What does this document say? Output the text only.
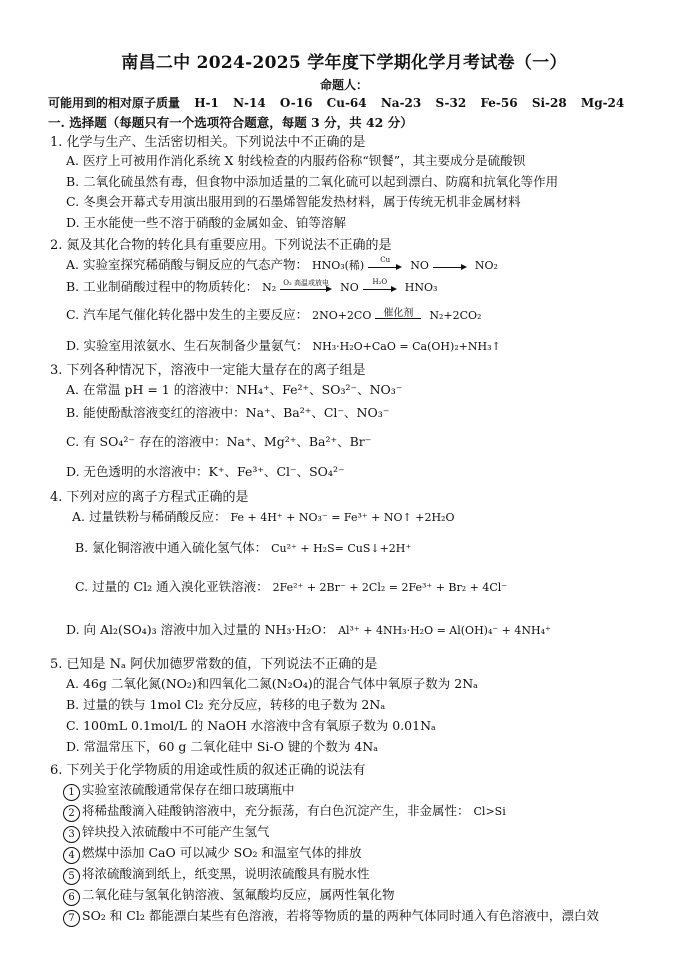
南昌二中 2024-2025 学年度下学期化学月考试卷（一）
命题人：
可能用到的相对原子质量 H-1 N-14 O-16 Cu-64 Na-23 S-32 Fe-56 Si-28 Mg-24
一. 选择题（每题只有一个选项符合题意，每题 3 分，共 42 分）
1. 化学与生产、生活密切相关。下列说法中不正确的是
A. 医疗上可被用作消化系统 X 射线检查的内服药俗称“钡餐”，其主要成分是硫酸钡
B. 二氧化硫虽然有毒，但食物中添加适量的二氧化硫可以起到漂白、防腐和抗氧化等作用
C. 冬奥会开幕式专用演出服用到的石墨烯智能发热材料，属于传统无机非金属材料
D. 王水能使一些不溶于硝酸的金属如金、铂等溶解
2. 氮及其化合物的转化具有重要应用。下列说法不正确的是
A. 实验室探究稀硝酸与铜反应的气态产物： HNO₃(稀)	Cu	NO	NO₂
B. 工业制硝酸过程中的物质转化： N₂	O₂ 高温或放电 NO	H₂O	HNO₃
C. 汽车尾气催化转化器中发生的主要反应： 2NO+2CO	催化剂	N₂+2CO₂
D. 实验室用浓氨水、生石灰制备少量氨气： NH₃·H₂O+CaO = Ca(OH)₂+NH₃↑
3. 下列各种情况下，溶液中一定能大量存在的离子组是
A. 在常温 pH = 1 的溶液中：NH₄⁺、Fe²⁺、SO₃²⁻、NO₃⁻
B. 能使酚酞溶液变红的溶液中：Na⁺、Ba²⁺、Cl⁻、NO₃⁻
C. 有 SO₄²⁻ 存在的溶液中：Na⁺、Mg²⁺、Ba²⁺、Br⁻
D. 无色透明的水溶液中：K⁺、Fe³⁺、Cl⁻、SO₄²⁻
4. 下列对应的离子方程式正确的是
A. 过量铁粉与稀硝酸反应： Fe + 4H⁺ + NO₃⁻ = Fe³⁺ + NO↑ +2H₂O
B. 氯化铜溶液中通入硫化氢气体： Cu²⁺ + H₂S= CuS↓+2H⁺
C. 过量的 Cl₂ 通入溴化亚铁溶液： 2Fe²⁺ + 2Br⁻ + 2Cl₂ = 2Fe³⁺ + Br₂ + 4Cl⁻
D. 向 Al₂(SO₄)₃ 溶液中加入过量的 NH₃·H₂O： Al³⁺ + 4NH₃·H₂O = Al(OH)₄⁻ + 4NH₄⁺
5. 已知是 Nₐ 阿伏加德罗常数的值，下列说法不正确的是
A. 46g 二氧化氮(NO₂)和四氧化二氮(N₂O₄)的混合气体中氧原子数为 2Nₐ
B. 过量的铁与 1mol Cl₂ 充分反应，转移的电子数为 2Nₐ
C. 100mL 0.1mol/L 的 NaOH 水溶液中含有氧原子数为 0.01Nₐ
D. 常温常压下，60 g 二氧化硅中 Si-O 键的个数为 4Nₐ
6. 下列关于化学物质的用途或性质的叙述正确的说法有
1 实验室浓硫酸通常保存在细口玻璃瓶中
2 将稀盐酸滴入硅酸钠溶液中，充分振荡，有白色沉淀产生，非金属性： Cl>Si
3 锌块投入浓硫酸中不可能产生氢气
4 燃煤中添加 CaO 可以减少 SO₂ 和温室气体的排放
5 将浓硫酸滴到纸上，纸变黑，说明浓硫酸具有脱水性
6 二氧化硅与氢氧化钠溶液、氢氟酸均反应，属两性氧化物
7 SO₂ 和 Cl₂ 都能漂白某些有色溶液，若将等物质的量的两种气体同时通入有色溶液中，漂白效
